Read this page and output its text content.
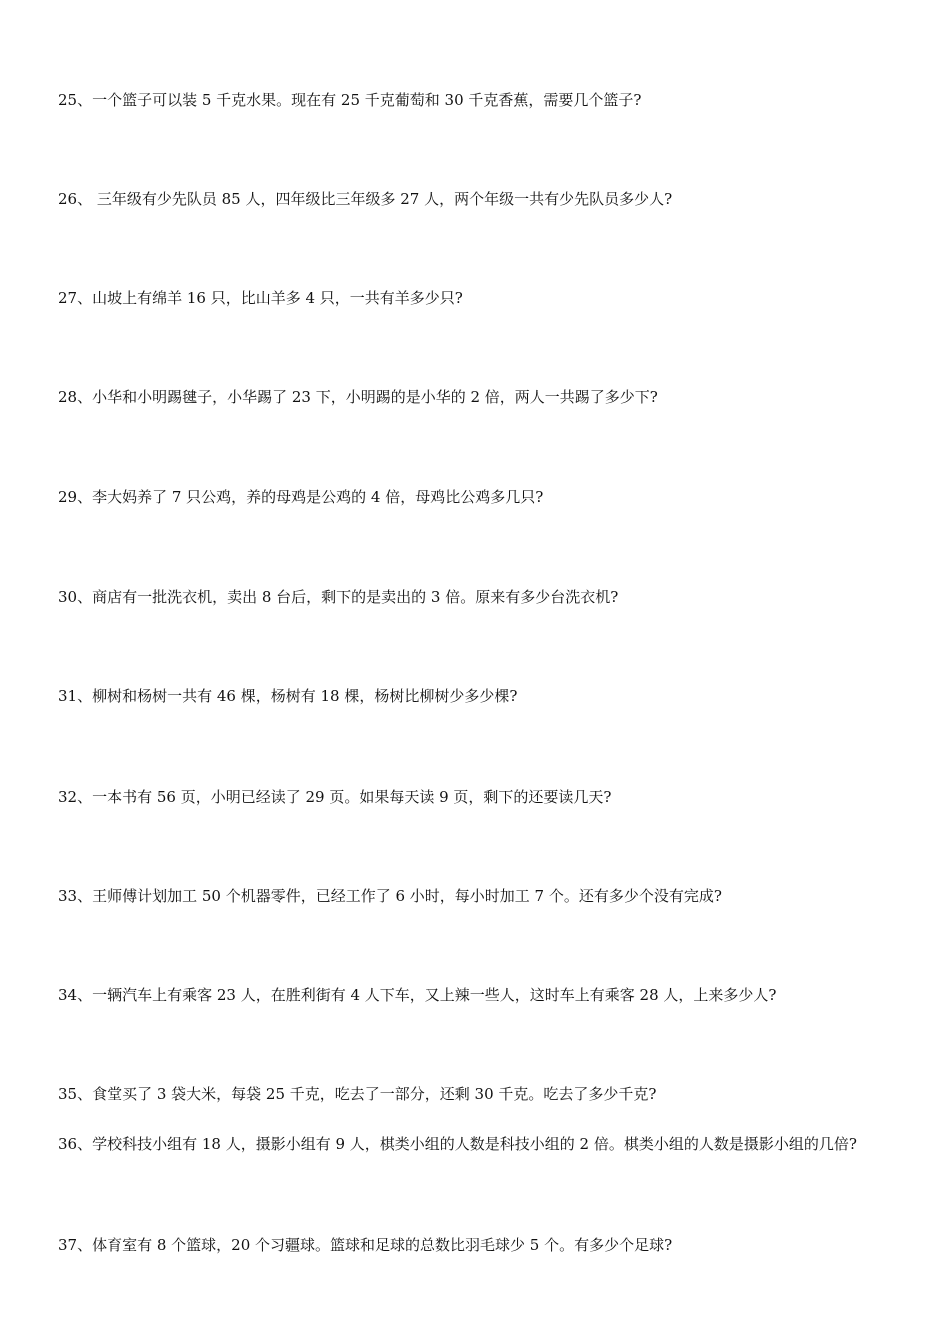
25、一个篮子可以装 5 千克水果。现在有 25 千克葡萄和 30 千克香蕉，需要几个篮子?
26、 三年级有少先队员 85 人，四年级比三年级多 27 人，两个年级一共有少先队员多少人?
27、山坡上有绵羊 16 只，比山羊多 4 只，一共有羊多少只?
28、小华和小明踢毽子，小华踢了 23 下，小明踢的是小华的 2 倍，两人一共踢了多少下?
29、李大妈养了 7 只公鸡，养的母鸡是公鸡的 4 倍，母鸡比公鸡多几只?
30、商店有一批洗衣机，卖出 8 台后，剩下的是卖出的 3 倍。原来有多少台洗衣机?
31、柳树和杨树一共有 46 棵，杨树有 18 棵，杨树比柳树少多少棵?
32、一本书有 56 页，小明已经读了 29 页。如果每天读 9 页，剩下的还要读几天?
33、王师傅计划加工 50 个机器零件，已经工作了 6 小时，每小时加工 7 个。还有多少个没有完成?
34、一辆汽车上有乘客 23 人，在胜利街有 4 人下车，又上辣一些人，这时车上有乘客 28 人，上来多少人?
35、食堂买了 3 袋大米，每袋 25 千克，吃去了一部分，还剩 30 千克。吃去了多少千克?
36、学校科技小组有 18 人，摄影小组有 9 人，棋类小组的人数是科技小组的 2 倍。棋类小组的人数是摄影小组的几倍?
37、体育室有 8 个篮球，20 个习疆球。篮球和足球的总数比羽毛球少 5 个。有多少个足球?
